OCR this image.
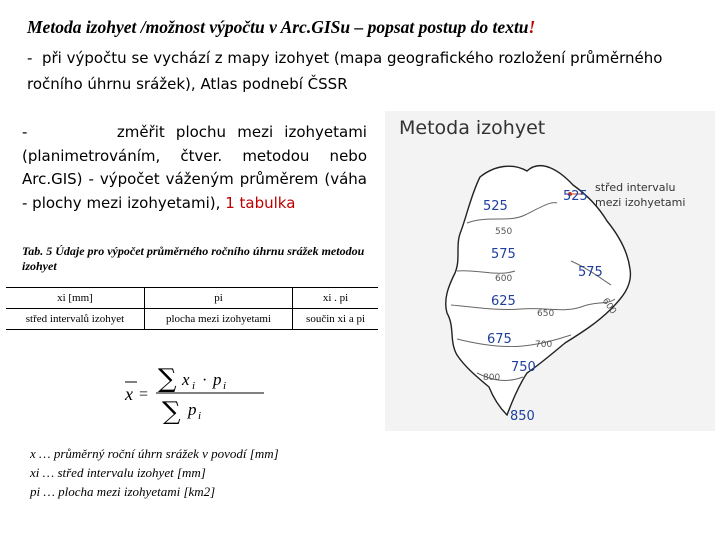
Metoda izohyet /možnost výpočtu v Arc.GISu – popsat postup do textu!
- při výpočtu se vychází z mapy izohyet (mapa geografického rozložení průměrného ročního úhrnu srážek), Atlas podnebí ČSSR
-	změřit plochu mezi izohyetami (planimetrováním, čtver. metodou nebo Arc.GIS) - výpočet váženým průměrem (váha - plochy mezi izohyetami), 1 tabulka
Tab. 5 Údaje pro výpočet průměrného ročního úhrnu srážek metodou izohyet
xi [mm]	pi	xi . pi
střed intervalů izohyet	plocha mezi izohyetami	součin xi a pi
x =
∑ x i · p i
∑ p i
x … průměrný roční úhrn srážek v povodí [mm]
xi … střed intervalu izohyet [mm]
pi … plocha mezi izohyetami [km2]
Metoda izohyet
550
600
650
700
800
600
525
575
625
675
750
850
525
575
střed intervalu
mezi izohyetami
